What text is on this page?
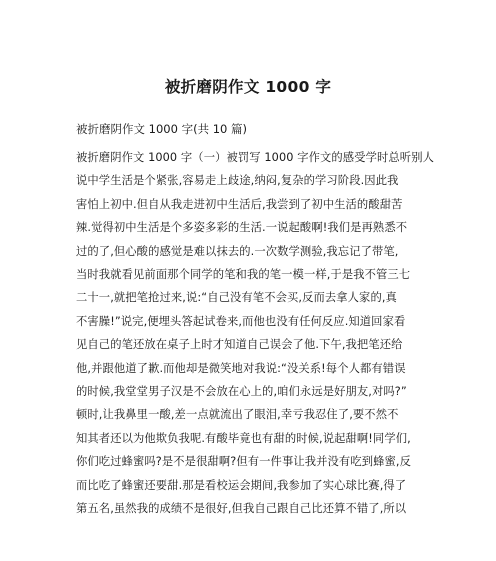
被折磨阴作文 1000 字
被折磨阴作文 1000 字(共 10 篇)
被折磨阴作文 1000 字（一）被罚写 1000 字作文的感受学时总听别人
说中学生活是个紧张,容易走上歧途,纳闷,复杂的学习阶段.因此我
害怕上初中.但自从我走进初中生活后,我尝到了初中生活的酸甜苦
辣.觉得初中生活是个多姿多彩的生活.一说起酸啊!我们是再熟悉不
过的了,但心酸的感觉是难以抹去的.一次数学测验,我忘记了带笔,
当时我就看见前面那个同学的笔和我的笔一模一样,于是我不管三七
二十一,就把笔抢过来,说:“自己没有笔不会买,反而去拿人家的,真
不害臊!”说完,便埋头答起试卷来,而他也没有任何反应.知道回家看
见自己的笔还放在桌子上时才知道自己误会了他.下午,我把笔还给
他,并跟他道了歉.而他却是微笑地对我说:“没关系!每个人都有错误
的时候,我堂堂男子汉是不会放在心上的,咱们永远是好朋友,对吗?”
顿时,让我鼻里一酸,差一点就流出了眼泪,幸亏我忍住了,要不然不
知其者还以为他欺负我呢.有酸毕竟也有甜的时候,说起甜啊!同学们,
你们吃过蜂蜜吗?是不是很甜啊?但有一件事让我并没有吃到蜂蜜,反
而比吃了蜂蜜还要甜.那是看校运会期间,我参加了实心球比赛,得了
第五名,虽然我的成绩不是很好,但我自己跟自己比还算不错了,所以
